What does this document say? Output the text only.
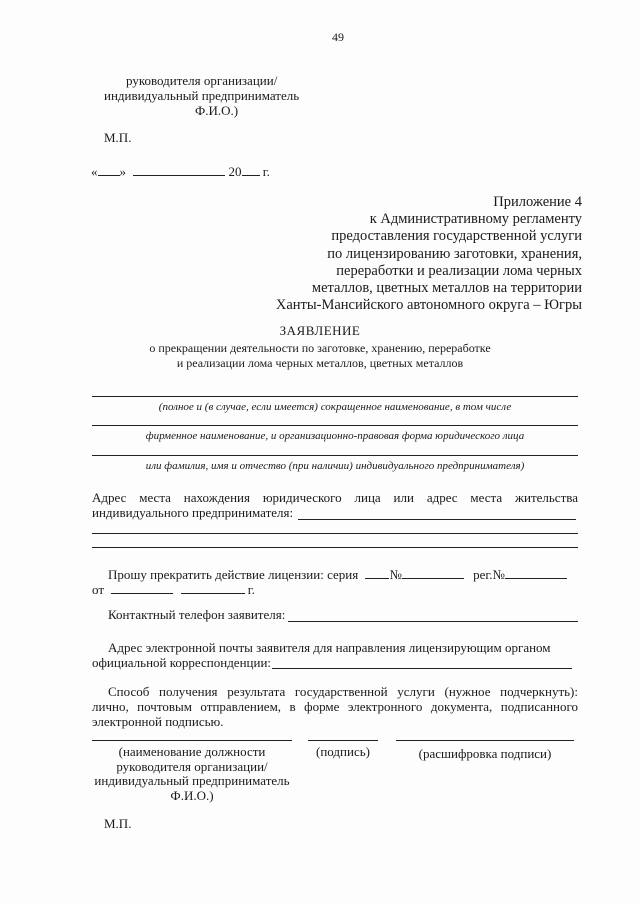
49
руководителя организации/
индивидуальный предприниматель
Ф.И.О.)
М.П.
« »	20 г.
Приложение 4
к Административному регламенту
предоставления государственной услуги
по лицензированию заготовки, хранения,
переработки и реализации лома черных
металлов, цветных металлов на территории
Ханты-Мансийского автономного округа – Югры
ЗАЯВЛЕНИЕ
о прекращении деятельности по заготовке, хранению, переработке
и реализации лома черных металлов, цветных металлов
(полное и (в случае, если имеется) сокращенное наименование, в том числе
фирменное наименование, и организационно-правовая форма юридического лица
или фамилия, имя и отчество (при наличии) индивидуального предпринимателя)
Адрес места нахождения юридического лица или адрес места жительства
индивидуального предпринимателя:
Прошу прекратить действие лицензии: серия №	рег.№
от	г.
Контактный телефон заявителя:
Адрес электронной почты заявителя для направления лицензирующим органом
официальной корреспонденции:
Способ получения результата государственной услуги (нужное подчеркнуть):
лично, почтовым отправлением, в форме электронного документа, подписанного
электронной подписью.
(наименование должности
руководителя организации/
индивидуальный предприниматель
Ф.И.О.)
(подпись)	(расшифровка подписи)
М.П.
